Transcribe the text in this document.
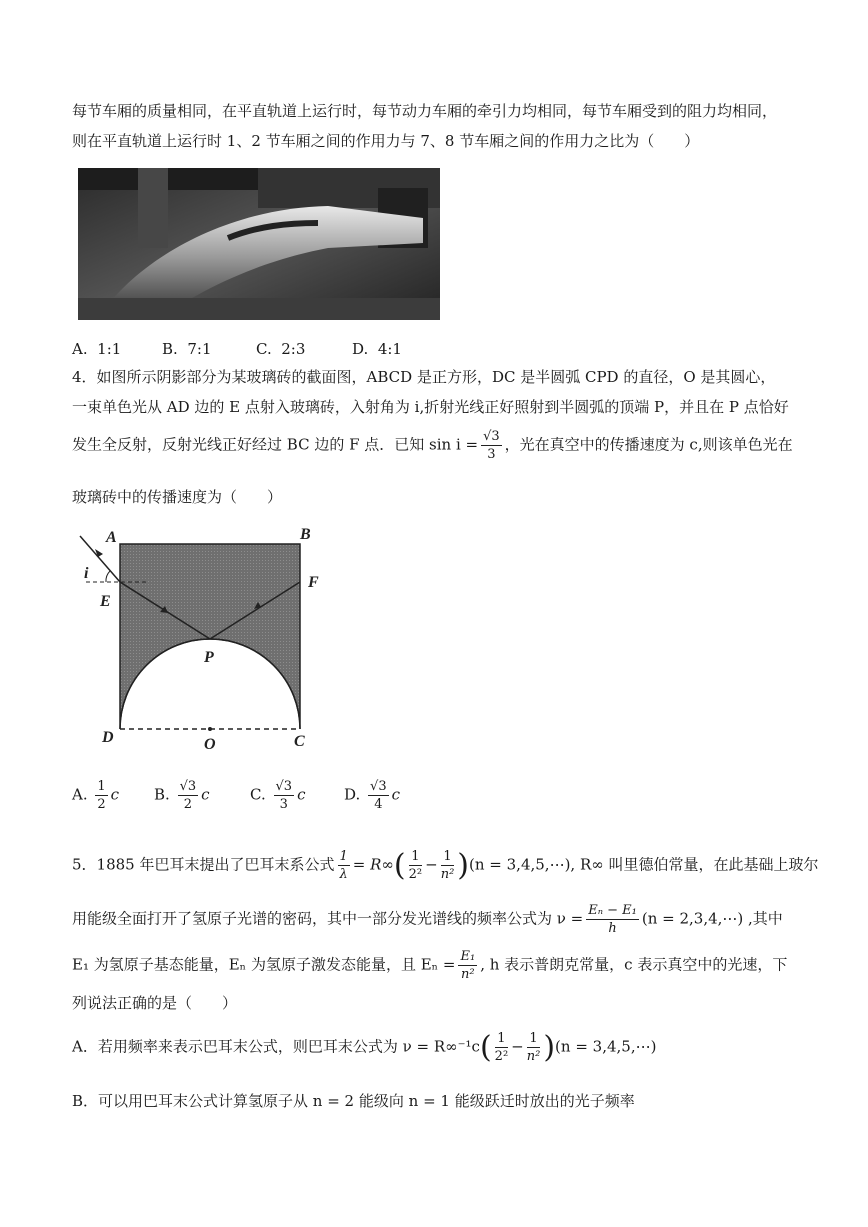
每节车厢的质量相同，在平直轨道上运行时，每节动力车厢的牵引力均相同，每节车厢受到的阻力均相同，
则在平直轨道上运行时 1、2 节车厢之间的作用力与 7、8 节车厢之间的作用力之比为（　　）
A. 1:1	B. 7:1	C. 2:3	D. 4:1
4．如图所示阴影部分为某玻璃砖的截面图，ABCD 是正方形，DC 是半圆弧 CPD 的直径，O 是其圆心，
一束单色光从 AD 边的 E 点射入玻璃砖，入射角为 i,折射光线正好照射到半圆弧的顶端 P，并且在 P 点恰好
发生全反射，反射光线正好经过 BC 边的 F 点．已知 $\sin i = \frac{√3}{3}$ ，光在真空中的传播速度为 c,则该单色光在
玻璃砖中的传播速度为（　　）
A	B
i
E
F
P
D	O	C
A. $\frac{1}{2}$ c B. $\frac{√3}{2}$ c	C. $\frac{√3}{3}$ c	D. $\frac{√3}{4}$ c
5．1885 年巴耳末提出了巴耳末系公式 $\frac{1}{\lambda} = R\infty( \frac{1}{\text{2²}} - \frac{1}{\text{n²}} )(n$ = 3,4,5,⋯), R∞ 叫里德伯常量，在此基础上玻尔
用能级全面打开了氢原子光谱的密码，其中一部分发光谱线的频率公式为 $\nu = \frac{\text{Eₙ − E₁}}{h} (n$ = 2,3,4,⋯) ,其中
E₁ 为氢原子基态能量，Eₙ 为氢原子激发态能量，且 $E_n = \frac{\text{E₁}}{\text{n²}}$ , h 表示普朗克常量，c 表示真空中的光速，下
列说法正确的是（　　）
A．若用频率来表示巴耳末公式，则巴耳末公式为 $\nu = R\infty^{-1}c( \frac{1}{\text{2²}} - \frac{1}{\text{n²}} )(n$ = 3,4,5,⋯)
B．可以用巴耳末公式计算氢原子从 n = 2 能级向 n = 1 能级跃迁时放出的光子频率
